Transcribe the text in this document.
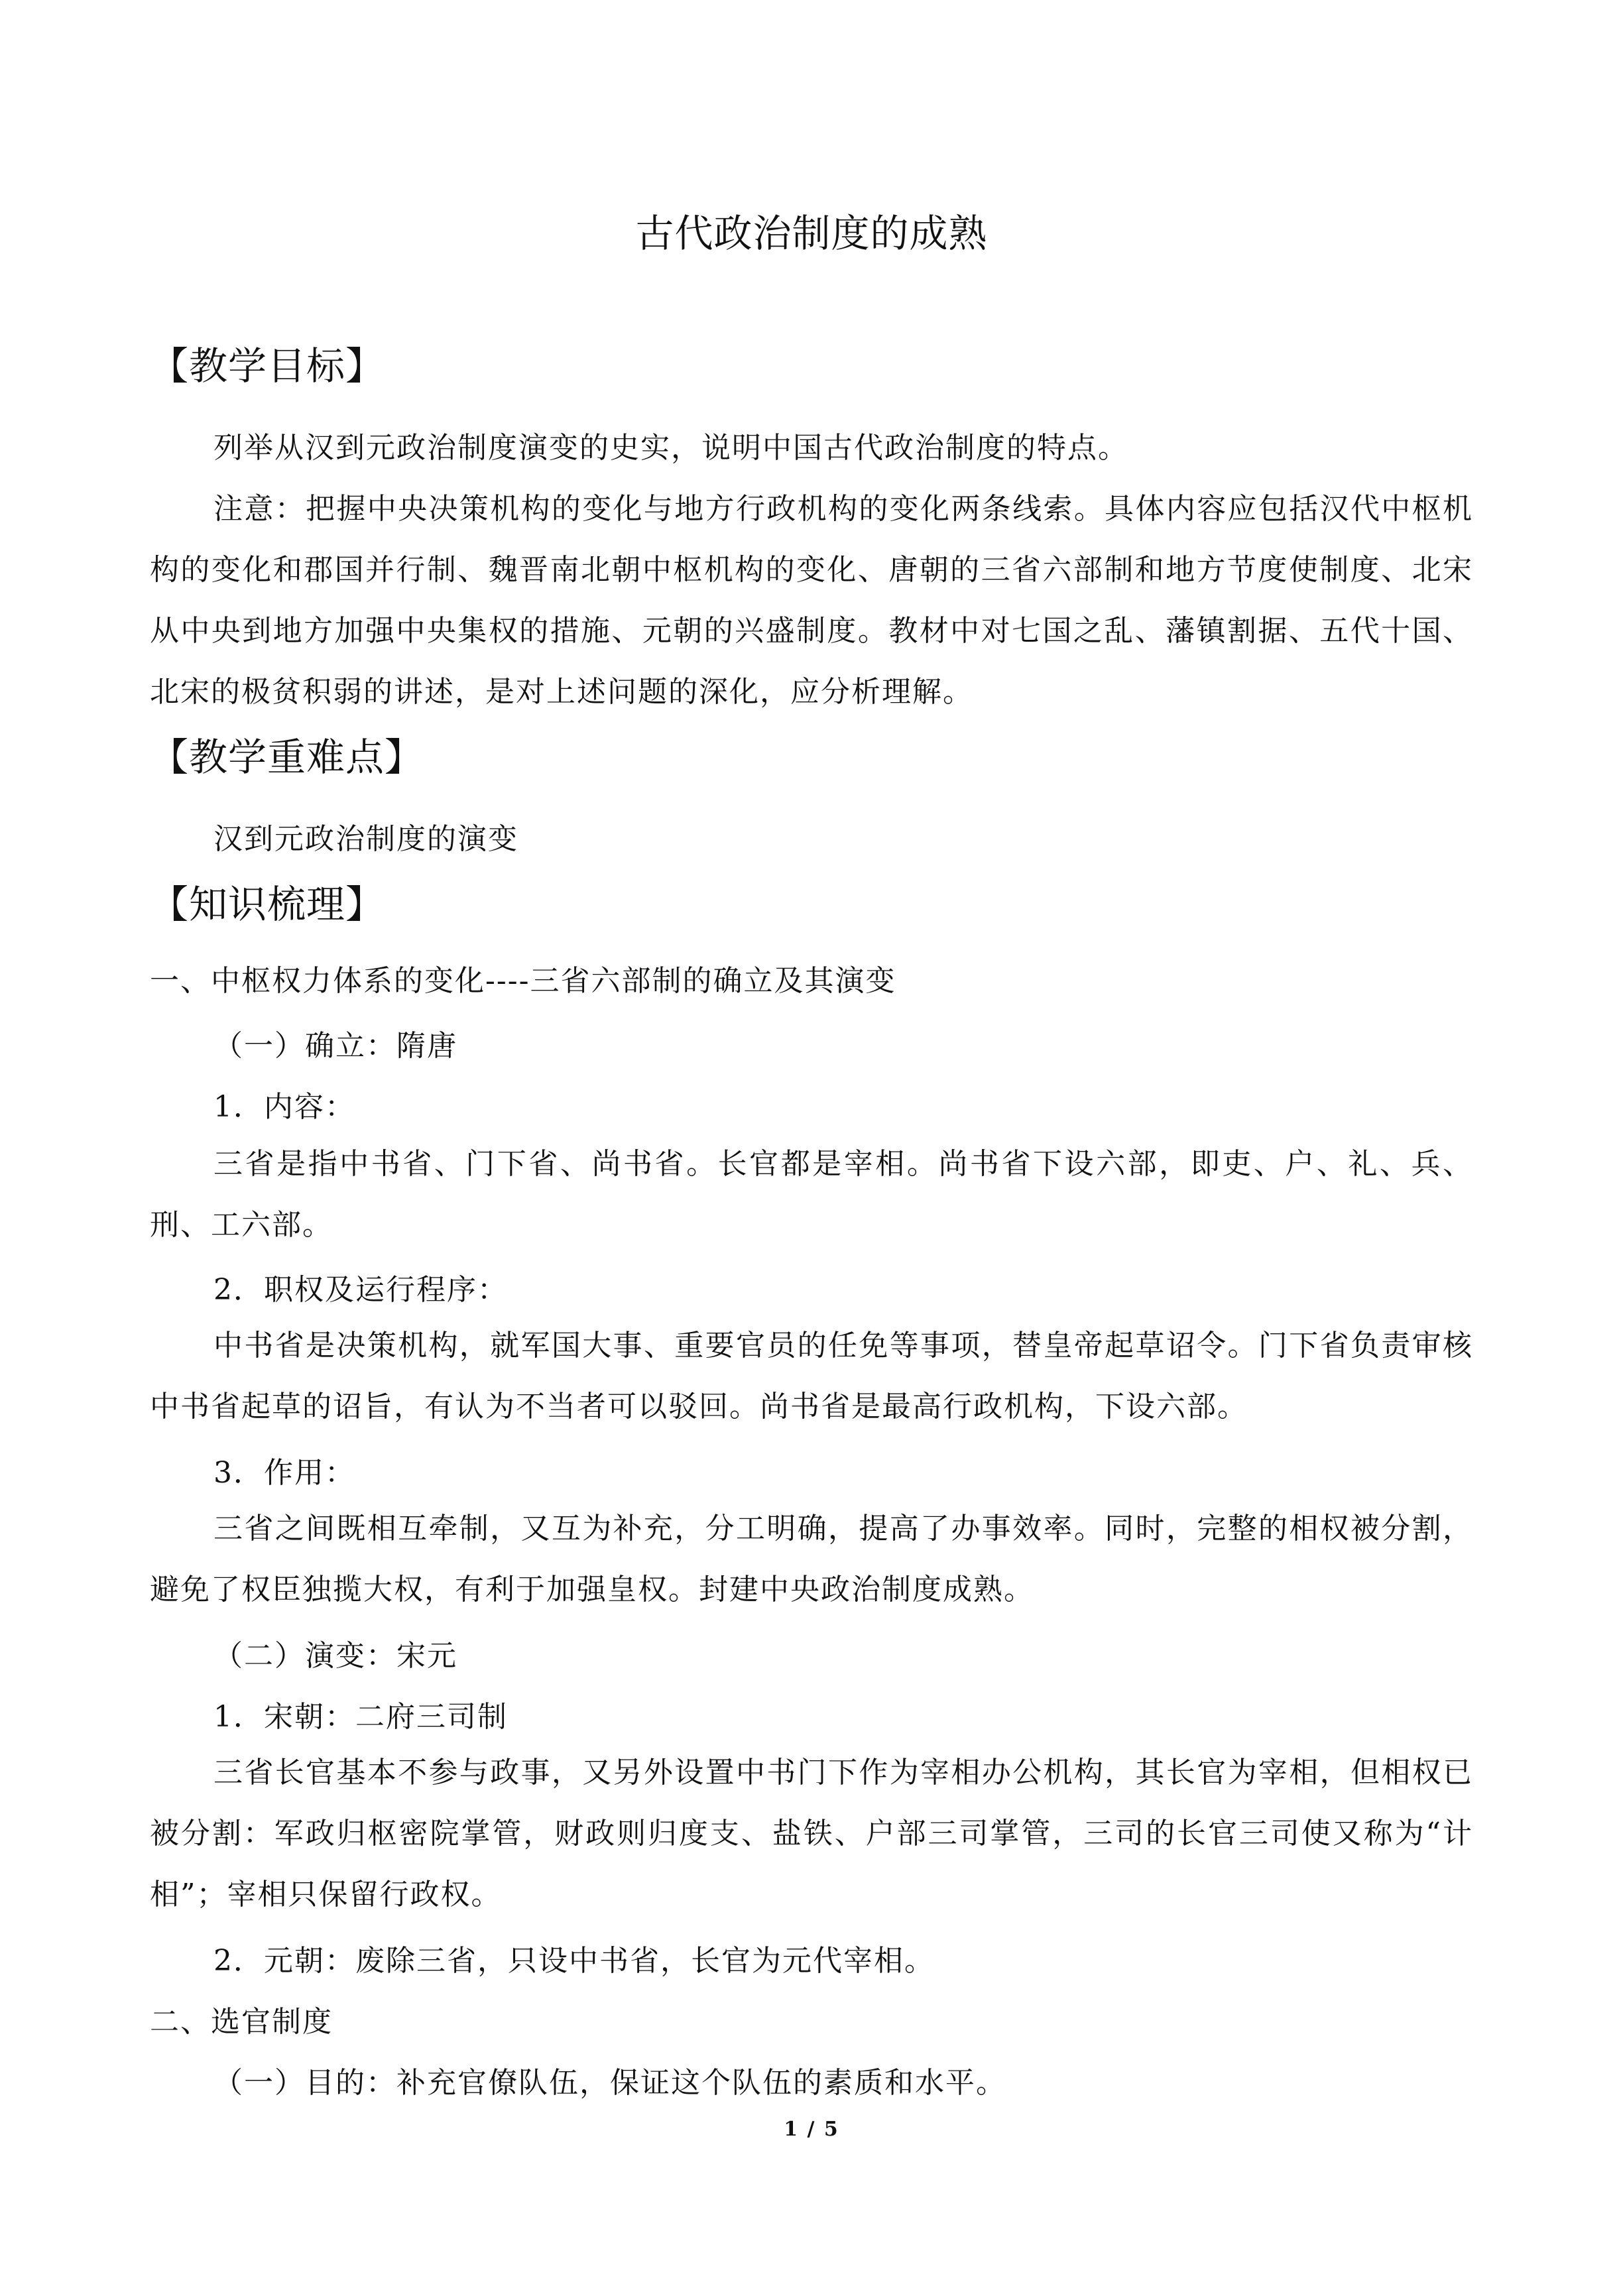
古代政治制度的成熟
【教学目标】
列举从汉到元政治制度演变的史实，说明中国古代政治制度的特点。
注意：把握中央决策机构的变化与地方行政机构的变化两条线索。具体内容应包括汉代中枢机构的变化和郡国并行制、魏晋南北朝中枢机构的变化、唐朝的三省六部制和地方节度使制度、北宋从中央到地方加强中央集权的措施、元朝的兴盛制度。教材中对七国之乱、藩镇割据、五代十国、北宋的极贫积弱的讲述，是对上述问题的深化，应分析理解。
【教学重难点】
汉到元政治制度的演变
【知识梳理】
一、中枢权力体系的变化----三省六部制的确立及其演变
（一）确立：隋唐
1．内容：
三省是指中书省、门下省、尚书省。长官都是宰相。尚书省下设六部，即吏、户、礼、兵、刑、工六部。
2．职权及运行程序：
中书省是决策机构，就军国大事、重要官员的任免等事项，替皇帝起草诏令。门下省负责审核中书省起草的诏旨，有认为不当者可以驳回。尚书省是最高行政机构，下设六部。
3．作用：
三省之间既相互牵制，又互为补充，分工明确，提高了办事效率。同时，完整的相权被分割，避免了权臣独揽大权，有利于加强皇权。封建中央政治制度成熟。
（二）演变：宋元
1．宋朝：二府三司制
三省长官基本不参与政事，又另外设置中书门下作为宰相办公机构，其长官为宰相，但相权已被分割：军政归枢密院掌管，财政则归度支、盐铁、户部三司掌管，三司的长官三司使又称为“计相”；宰相只保留行政权。
2．元朝：废除三省，只设中书省，长官为元代宰相。
二、选官制度
（一）目的：补充官僚队伍，保证这个队伍的素质和水平。
1 / 5
